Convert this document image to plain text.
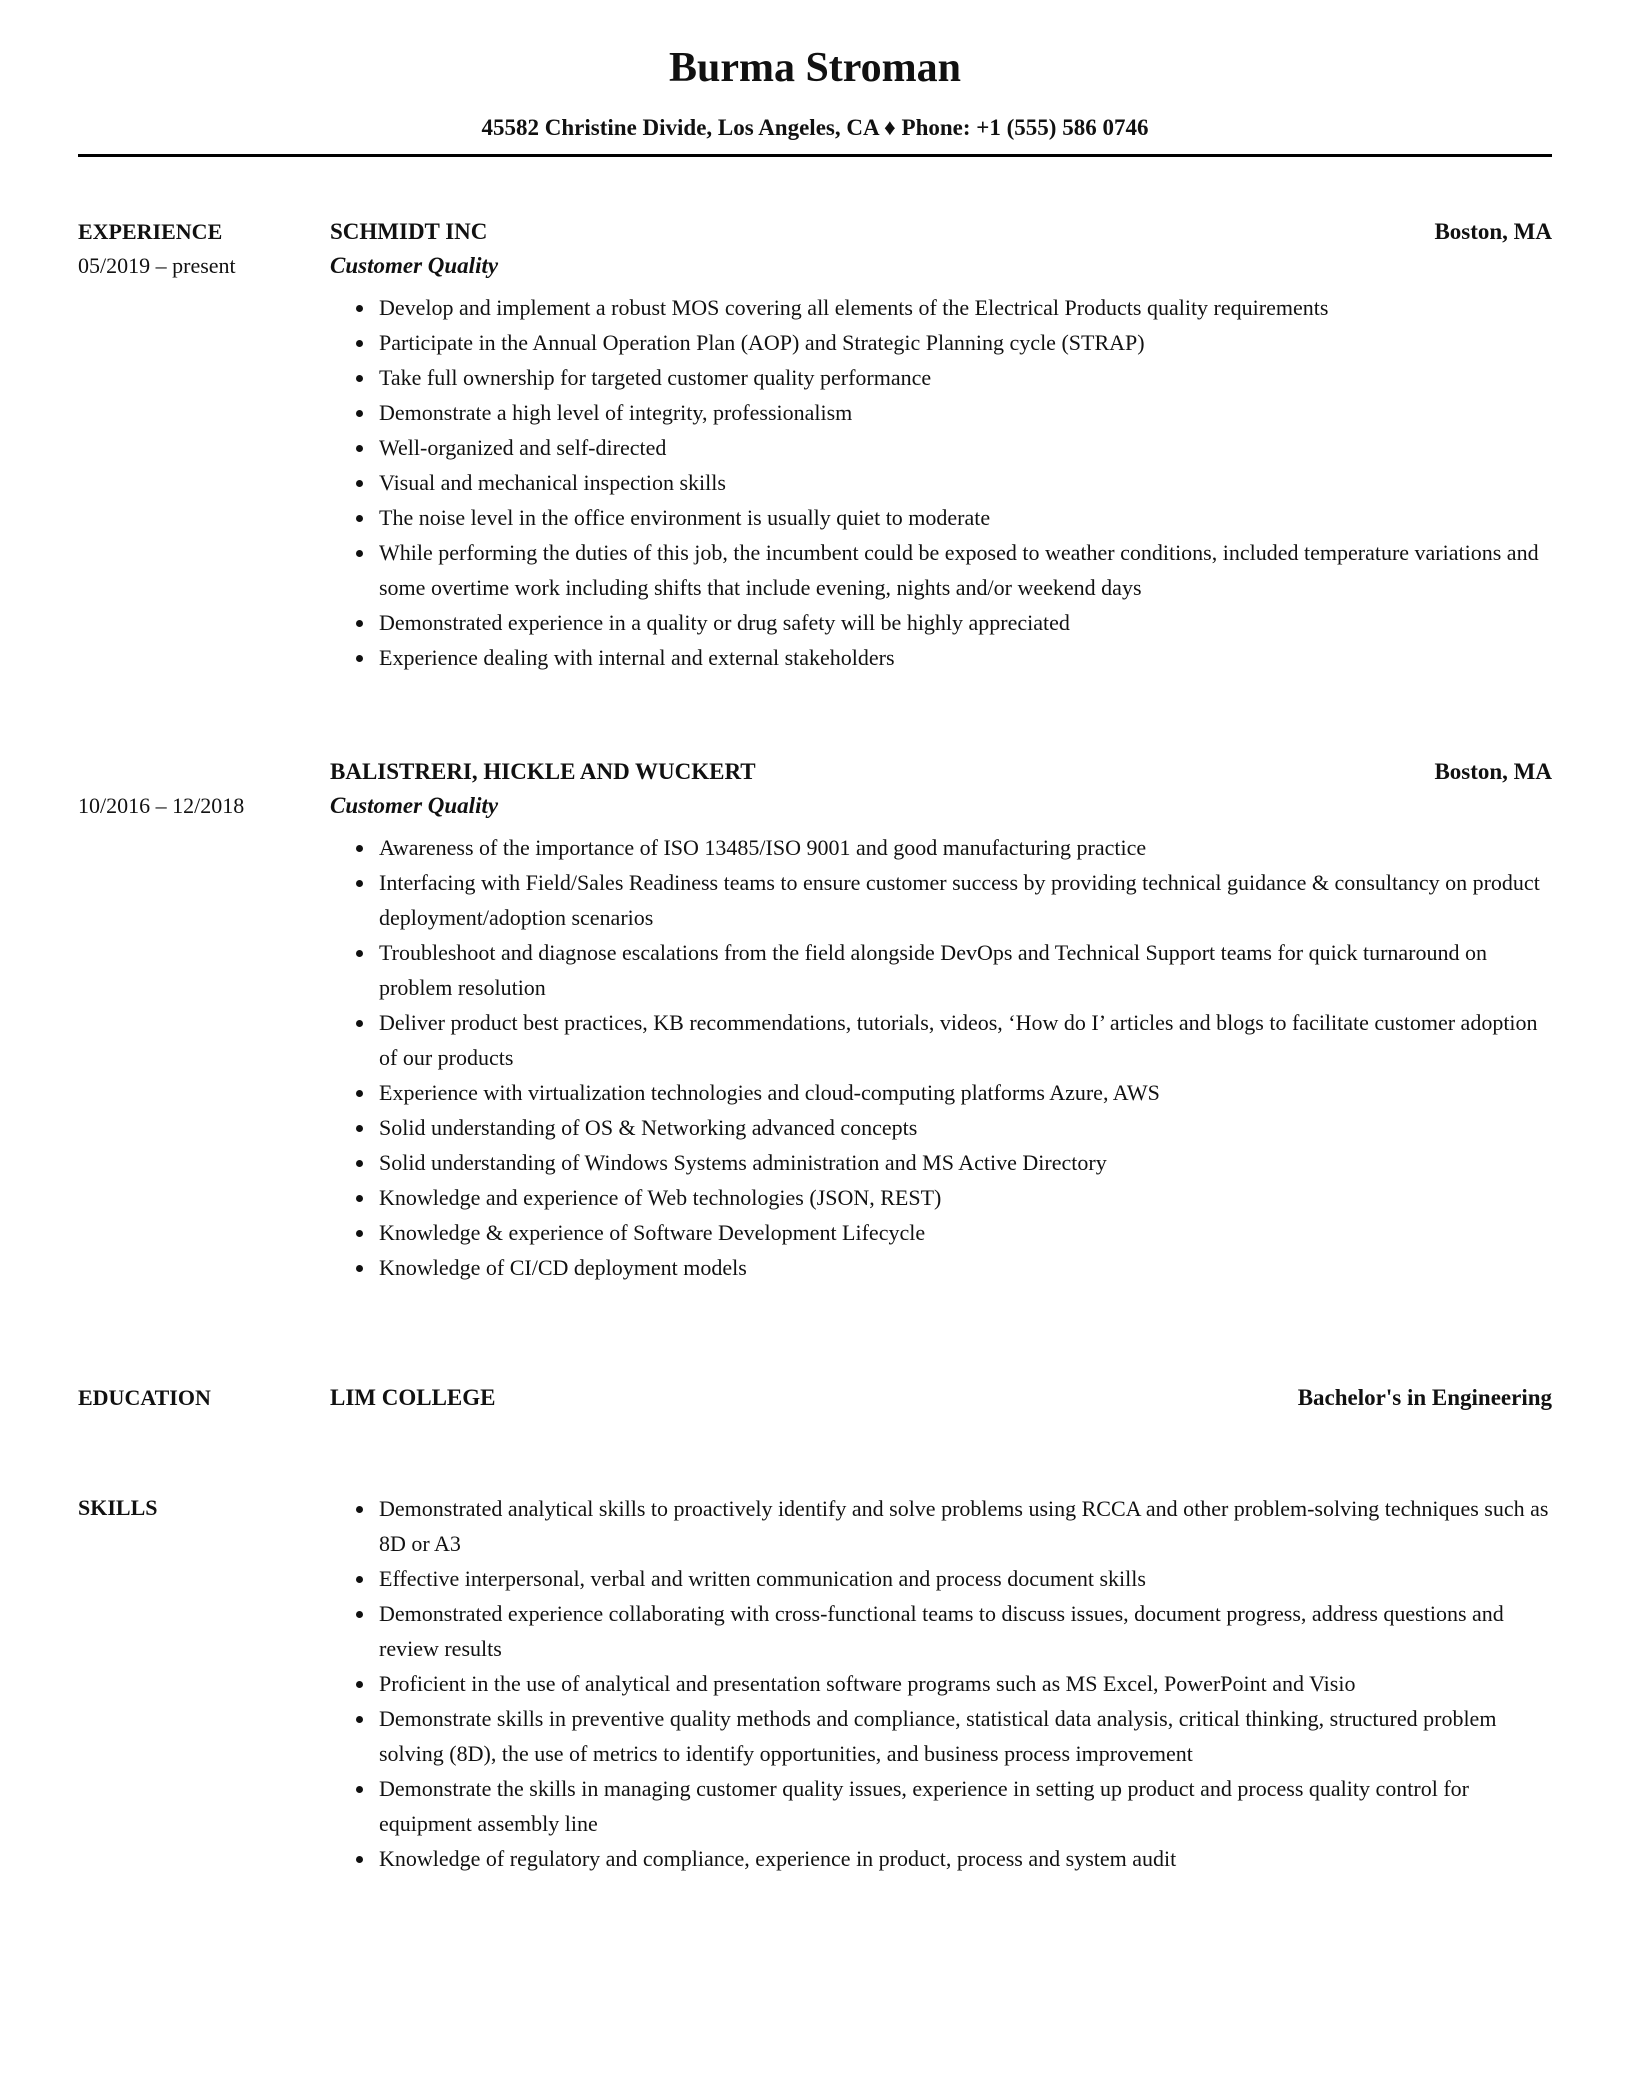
Burma Stroman

45582 Christine Divide, Los Angeles, CA ♦ Phone: +1 (555) 586 0746

EXPERIENCE
05/2019 – present
SCHMIDT INC	Boston, MA
Customer Quality
• Develop and implement a robust MOS covering all elements of the Electrical Products quality requirements
• Participate in the Annual Operation Plan (AOP) and Strategic Planning cycle (STRAP)
• Take full ownership for targeted customer quality performance
• Demonstrate a high level of integrity, professionalism
• Well-organized and self-directed
• Visual and mechanical inspection skills
• The noise level in the office environment is usually quiet to moderate
• While performing the duties of this job, the incumbent could be exposed to weather conditions, included temperature variations and some overtime work including shifts that include evening, nights and/or weekend days
• Demonstrated experience in a quality or drug safety will be highly appreciated
• Experience dealing with internal and external stakeholders
10/2016 – 12/2018
BALISTRERI, HICKLE AND WUCKERT	Boston, MA
Customer Quality
• Awareness of the importance of ISO 13485/ISO 9001 and good manufacturing practice
• Interfacing with Field/Sales Readiness teams to ensure customer success by providing technical guidance & consultancy on product deployment/adoption scenarios
• Troubleshoot and diagnose escalations from the field alongside DevOps and Technical Support teams for quick turnaround on problem resolution
• Deliver product best practices, KB recommendations, tutorials, videos, ‘How do I’ articles and blogs to facilitate customer adoption of our products
• Experience with virtualization technologies and cloud-computing platforms Azure, AWS
• Solid understanding of OS & Networking advanced concepts
• Solid understanding of Windows Systems administration and MS Active Directory
• Knowledge and experience of Web technologies (JSON, REST)
• Knowledge & experience of Software Development Lifecycle
• Knowledge of CI/CD deployment models
EDUCATION	LIM COLLEGE	Bachelor's in Engineering
SKILLS	• Demonstrated analytical skills to proactively identify and solve problems using RCCA and other problem-solving techniques such as 8D or A3
• Effective interpersonal, verbal and written communication and process document skills
• Demonstrated experience collaborating with cross-functional teams to discuss issues, document progress, address questions and review results
• Proficient in the use of analytical and presentation software programs such as MS Excel, PowerPoint and Visio
• Demonstrate skills in preventive quality methods and compliance, statistical data analysis, critical thinking, structured problem solving (8D), the use of metrics to identify opportunities, and business process improvement
• Demonstrate the skills in managing customer quality issues, experience in setting up product and process quality control for equipment assembly line
• Knowledge of regulatory and compliance, experience in product, process and system audit
